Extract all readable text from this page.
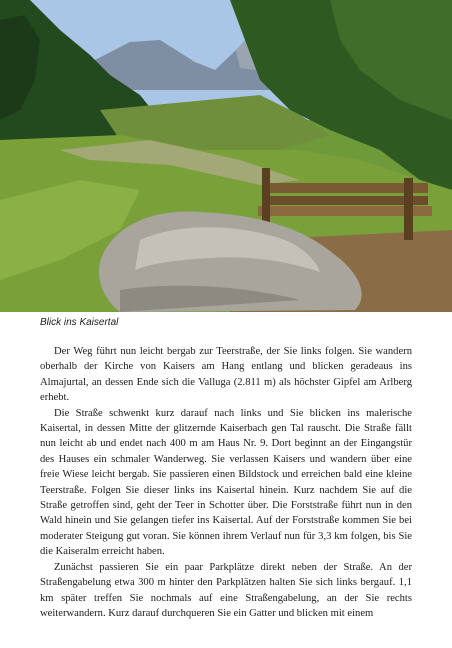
Blick ins Kaisertal

Der Weg führt nun leicht bergab zur Teerstraße, der Sie links folgen. Sie wandern oberhalb der Kirche von Kaisers am Hang entlang und blicken geradeaus ins Almajurtal, an dessen Ende sich die Valluga (2.811 m) als höchster Gipfel am Arlberg erhebt.

Die Straße schwenkt kurz darauf nach links und Sie blicken ins malerische Kaisertal, in dessen Mitte der glitzernde Kaiserbach gen Tal rauscht. Die Straße fällt nun leicht ab und endet nach 400 m am Haus Nr. 9. Dort beginnt an der Eingangstür des Hauses ein schmaler Wanderweg. Sie verlassen Kaisers und wandern über eine freie Wiese leicht bergab. Sie passieren einen Bildstock und erreichen bald eine kleine Teerstraße. Folgen Sie dieser links ins Kaisertal hinein. Kurz nachdem Sie auf die Straße getroffen sind, geht der Teer in Schotter über. Die Forststraße führt nun in den Wald hinein und Sie gelangen tiefer ins Kaisertal. Auf der Forststraße kommen Sie bei moderater Steigung gut voran. Sie können ihrem Verlauf nun für 3,3 km folgen, bis Sie die Kaiseralm erreicht haben.

Zunächst passieren Sie ein paar Parkplätze direkt neben der Straße. An der Straßengabelung etwa 300 m hinter den Parkplätzen halten Sie sich links bergauf. 1,1 km später treffen Sie nochmals auf eine Straßengabelung, an der Sie rechts weiterwandern. Kurz darauf durchqueren Sie ein Gatter und blicken mit einem
